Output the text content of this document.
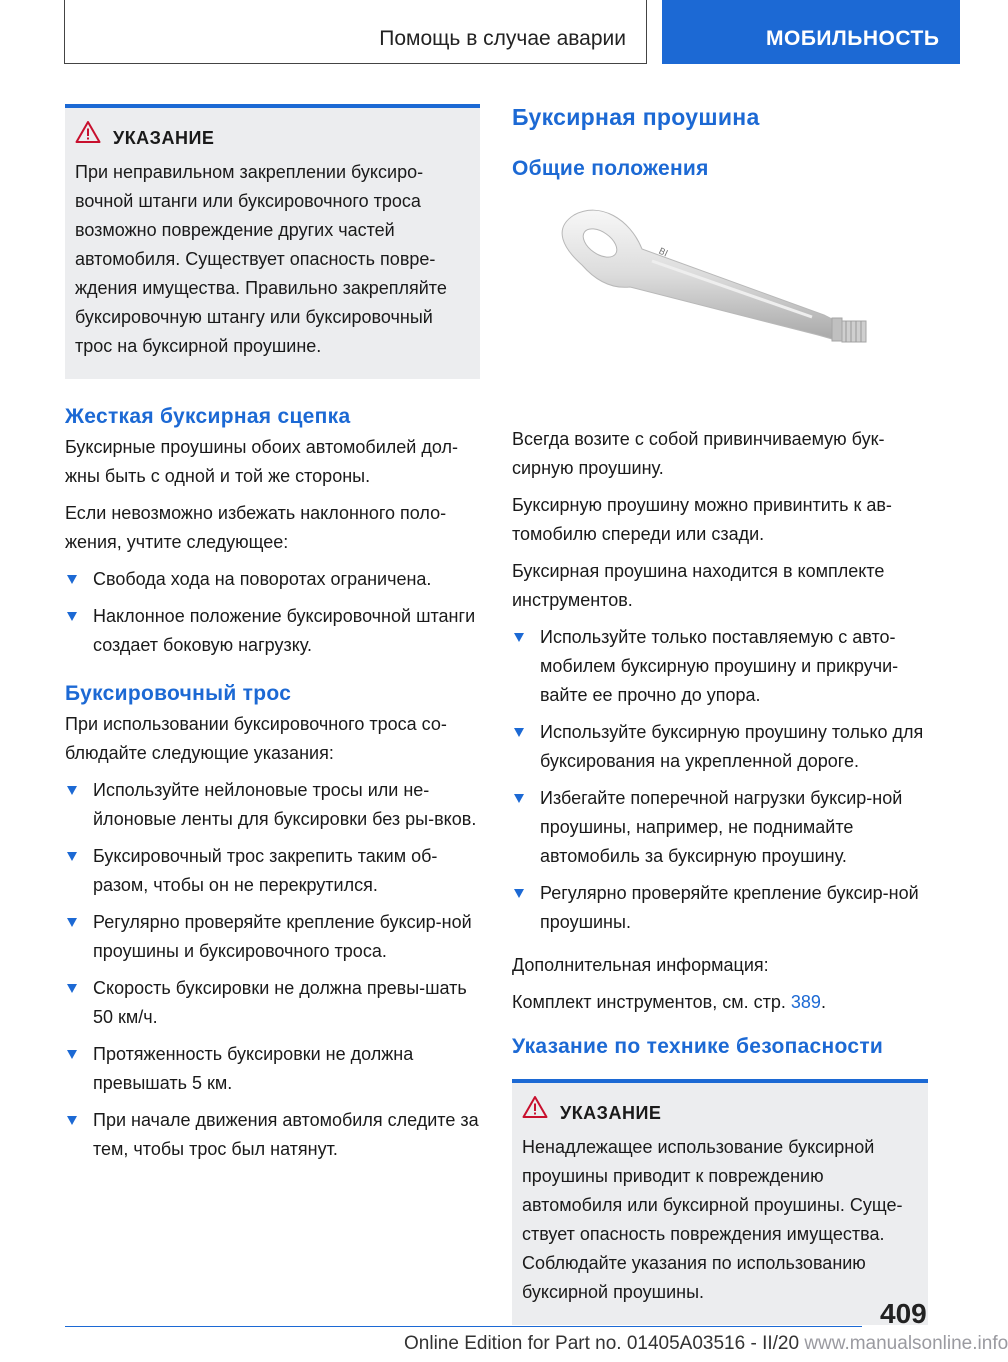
Помощь в случае аварии	МОБИЛЬНОСТЬ
УКАЗАНИЕ
При неправильном закреплении буксиро-вочной штанги или буксировочного троса возможно повреждение других частей автомобиля. Существует опасность повре-ждения имущества. Правильно закрепляйте буксировочную штангу или буксировочный трос на буксирной проушине.
Жесткая буксирная сцепка
Буксирные проушины обоих автомобилей дол-жны быть с одной и той же стороны.
Если невозможно избежать наклонного поло-жения, учтите следующее:
Свобода хода на поворотах ограничена.
Наклонное положение буксировочной штанги создает боковую нагрузку.
Буксировочный трос
При использовании буксировочного троса со-блюдайте следующие указания:
Используйте нейлоновые тросы или не-йлоновые ленты для буксировки без ры-вков.
Буксировочный трос закрепить таким об-разом, чтобы он не перекрутился.
Регулярно проверяйте крепление буксир-ной проушины и буксировочного троса.
Скорость буксировки не должна превы-шать 50 км/ч.
Протяженность буксировки не должна превышать 5 км.
При начале движения автомобиля следите за тем, чтобы трос был натянут.
Буксирная проушина
Общие положения
BI
Всегда возите с собой привинчиваемую бук-сирную проушину.
Буксирную проушину можно привинтить к ав-томобилю спереди или сзади.
Буксирная проушина находится в комплекте инструментов.
Используйте только поставляемую с авто-мобилем буксирную проушину и прикручи-вайте ее прочно до упора.
Используйте буксирную проушину только для буксирования на укрепленной дороге.
Избегайте поперечной нагрузки буксир-ной проушины, например, не поднимайте автомобиль за буксирную проушину.
Регулярно проверяйте крепление буксир-ной проушины.
Дополнительная информация:
Комплект инструментов, см. стр. 389.
Указание по технике безопасности
УКАЗАНИЕ
Ненадлежащее использование буксирной проушины приводит к повреждению автомобиля или буксирной проушины. Суще-ствует опасность повреждения имущества. Соблюдайте указания по использованию буксирной проушины.
409
Online Edition for Part no. 01405A03516 - II/20 www.manualsonline.info
